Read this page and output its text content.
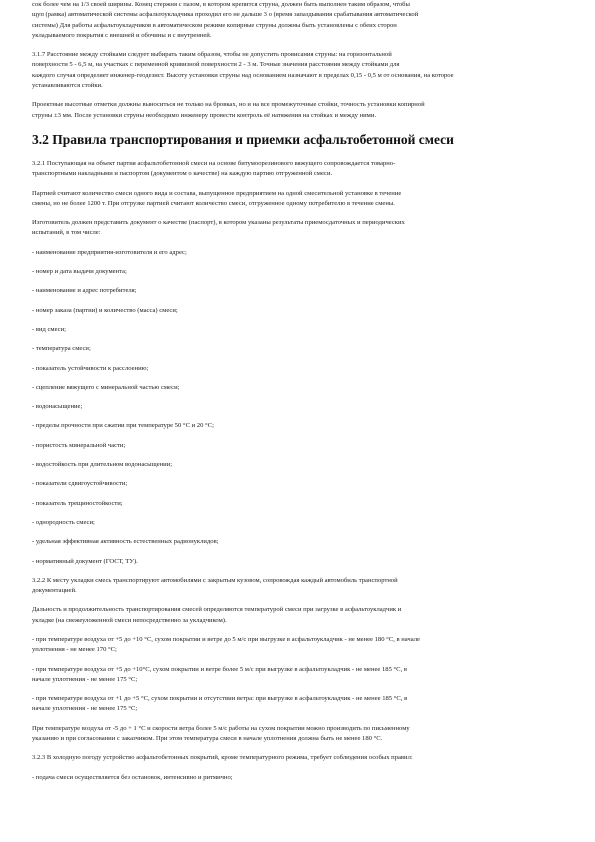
сок более чем на 1/3 своей ширины. Конец стержня с пазом, в котором крепится струна, должен быть выполнен таким образом, чтобы
щуп (рамка) автоматической системы асфальтоукладчика проходил его не дальше 3 о (время запаздывания срабатывания автоматической
системы) Для работы асфальтоукладчиков в автоматическом режиме копирные струны должны быть установлены с обеих сторон
укладываемого покрытия с внешней и обочины и с внутренней.
3.1.7 Расстояние между стойками следует выбирать таким образом, чтобы не допустить провисания струны: на горизонтальной
поверхности 5 - 6,5 м, на участках с переменной кривизной поверхности 2 - 3 м. Точные значения расстояния между стойками для
каждого случая определяет инженер-геодезист. Высоту установки струны над основанием назначают в пределах 0,15 - 0,5 м от основания, на которое
устанавливаются стойки.
Проектные высотные отметки должны выноситься не только на бровках, но и на все промежуточные стойки, точность установки копирной
струны ±3 мм. После установки струны необходимо инженеру провести контроль её натяжения на стойках и между ними.
3.2 Правила транспортирования и приемки асфальтобетонной смеси
3.2.1 Поступающая на объект партия асфальтобетонной смеси на основе битумоорезинового вяжущего сопровождается товарно-
транспортными накладными и паспортом (документом о качестве) на каждую партию отгруженной смеси.
Партией считают количество смеси одного вида и состава, выпущенное предприятием на одной смесительной установке в течение
смены, но не более 1200 т. При отгрузке партией считают количество смеси, отгруженное одному потребителю в течение смены.
Изготовитель должен представить документ о качестве (паспорт), в котором указаны результаты приемосдаточных и периодических
испытаний, в том числе:
- наименование предприятия-изготовителя и его адрес;
- номер и дата выдачи документа;
- наименование и адрес потребителя;
- номер заказа (партии) и количество (масса) смеси;
- вид смеси;
- температура смеси;
- показатель устойчивости к расслоению;
- сцепление вяжущего с минеральной частью смеси;
- водонасыщение;
- пределы прочности при сжатии при температуре 50 °С и 20 °С;
- пористость минеральной части;
- водостойкость при длительном водонасыщении;
- показатели сдвигоустойчивости;
- показатель трещиностойкости;
- однородность смеси;
- удельная эффективная активность естественных радионуклидов;
- нормативный документ (ГОСТ, ТУ).
3.2.2 К месту укладки смесь транспортируют автомобилями с закрытым кузовом, сопровождая каждый автомобиль транспортной
документацией.
Дальность и продолжительность транспортирования смесей определяются температурой смеси при загрузке в асфальтоукладчик и
укладке (на свежеуложенной смеси непосредственно за укладчиком).
- при температуре воздуха от +5 до +10 °С, сухом покрытии и ветре до 5 м/с при выгрузке в асфальтоукладчик - не менее 180 °С, в начале
уплотнения - не менее 170 °С;
- при температуре воздуха от +5 до +10°С, сухом покрытии и ветре более 5 м/с при выгрузке в асфальтоукладчик - не менее 185 °С, в
начале уплотнения - не менее 175 °С;
- при температуре воздуха от +1 до +5 °С, сухом покрытии и отсутствии ветра: при выгрузке в асфальтоукладчик - не менее 185 °С, в
начале уплотнения - не менее 175 °С;
При температуре воздуха от -5 до + 1 °С и скорости ветра более 5 м/с работы на сухом покрытии можно производить по письменному
указанию и при согласовании с заказчиком. При этом температура смеси в начале уплотнения должна быть не менее 180 °С.
3.2.3 В холодную погоду устройство асфальтобетонных покрытий, кроме температурного режима, требует соблюдения особых правил:
- подача смеси осуществляется без остановок, интенсивно и ритмично;
